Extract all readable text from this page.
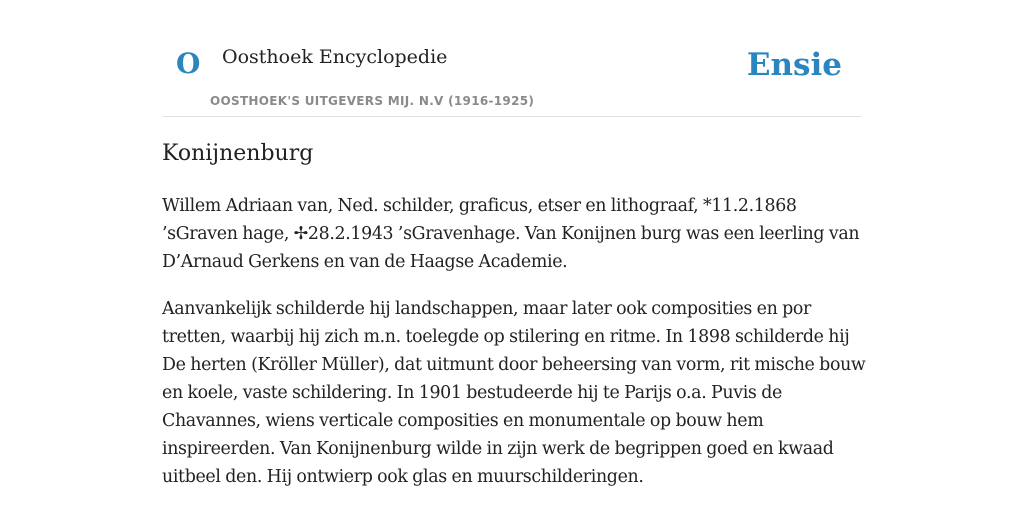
O Oosthoek Encyclopedie
OOSTHOEK'S UITGEVERS MIJ. N.V (1916-1925)
Ensie
Konijnenburg

Willem Adriaan van, Ned. schilder, graficus, etser en lithograaf, *11.2.1868 ’sGraven hage, ✢28.2.1943 ’sGravenhage. Van Konijnen burg was een leerling van D’Arnaud Gerkens en van de Haagse Academie.

Aanvankelijk schilderde hij landschappen, maar later ook composities en por tretten, waarbij hij zich m.n. toelegde op stilering en ritme. In 1898 schilderde hij De herten (Kröller Müller), dat uitmunt door beheersing van vorm, rit mische bouw en koele, vaste schildering. In 1901 bestudeerde hij te Parijs o.a. Puvis de Chavannes, wiens verticale composities en monumentale op bouw hem inspireerden. Van Konijnenburg wilde in zijn werk de begrippen goed en kwaad uitbeel den. Hij ontwierp ook glas en muurschilderingen.
